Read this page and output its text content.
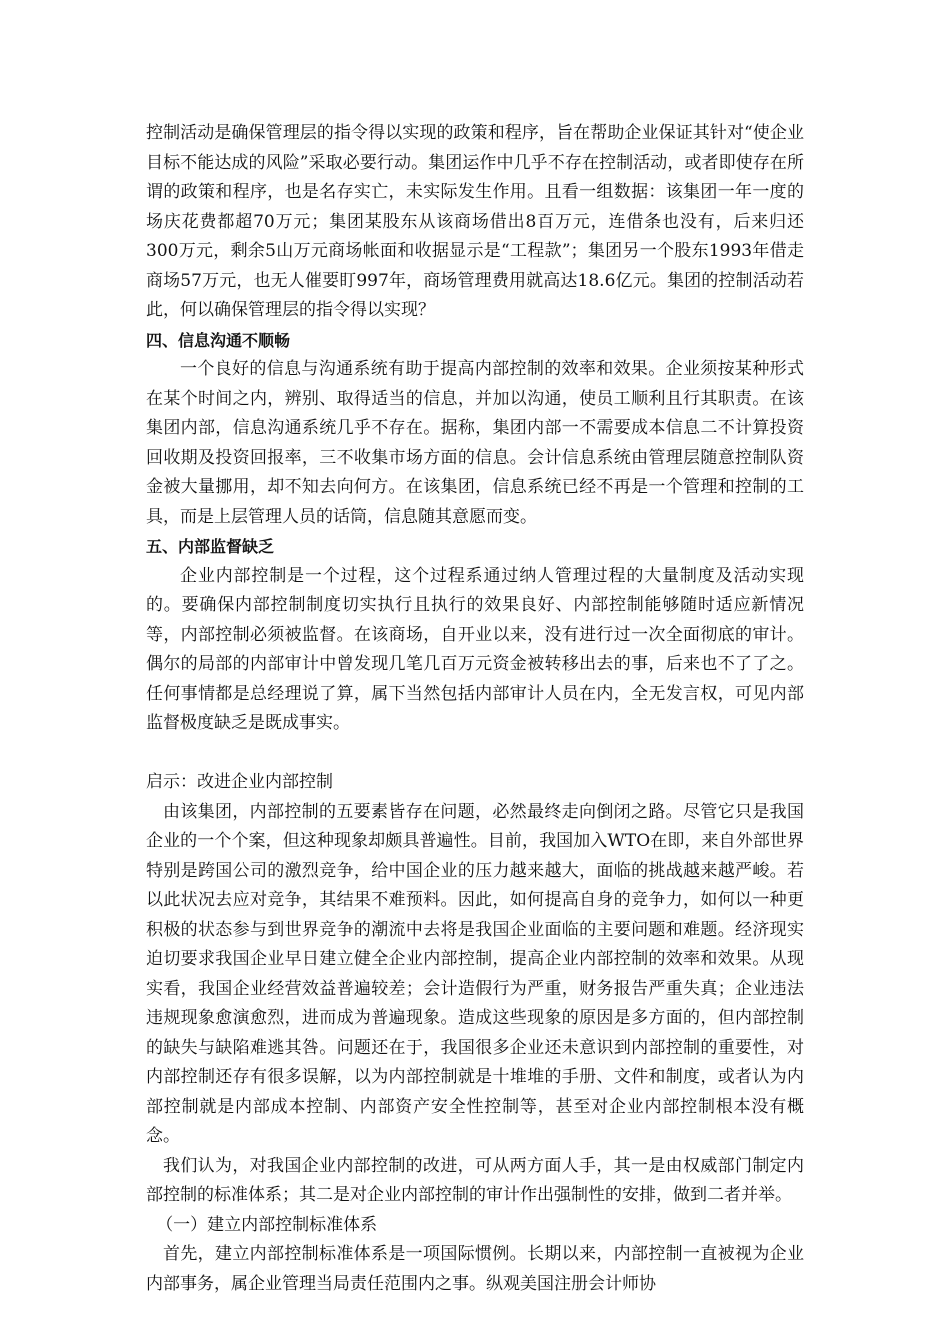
控制活动是确保管理层的指令得以实现的政策和程序，旨在帮助企业保证其针对“使企业目标不能达成的风险”采取必要行动。集团运作中几乎不存在控制活动，或者即使存在所谓的政策和程序，也是名存实亡，未实际发生作用。且看一组数据：该集团一年一度的场庆花费都超70万元；集团某股东从该商场借出8百万元，连借条也没有，后来归还300万元，剩余5山万元商场帐面和收据显示是“工程款”；集团另一个股东1993年借走商场57万元，也无人催要盯997年，商场管理费用就高达18.6亿元。集团的控制活动若此，何以确保管理层的指令得以实现？

四、信息沟通不顺畅

一个良好的信息与沟通系统有助于提高内部控制的效率和效果。企业须按某种形式在某个时间之内，辨别、取得适当的信息，并加以沟通，使员工顺利且行其职责。在该集团内部，信息沟通系统几乎不存在。据称，集团内部一不需要成本信息二不计算投资回收期及投资回报率，三不收集市场方面的信息。会计信息系统由管理层随意控制队资金被大量挪用，却不知去向何方。在该集团，信息系统已经不再是一个管理和控制的工具，而是上层管理人员的话筒，信息随其意愿而变。

五、内部监督缺乏

企业内部控制是一个过程，这个过程系通过纳人管理过程的大量制度及活动实现的。要确保内部控制制度切实执行且执行的效果良好、内部控制能够随时适应新情况等，内部控制必须被监督。在该商场，自开业以来，没有进行过一次全面彻底的审计。偶尔的局部的内部审计中曾发现几笔几百万元资金被转移出去的事，后来也不了了之。任何事情都是总经理说了算，属下当然包括内部审计人员在内，全无发言权，可见内部监督极度缺乏是既成事实。

启示：改进企业内部控制

由该集团，内部控制的五要素皆存在问题，必然最终走向倒闭之路。尽管它只是我国企业的一个个案，但这种现象却颇具普遍性。目前，我国加入WTO在即，来自外部世界特别是跨国公司的激烈竞争，给中国企业的压力越来越大，面临的挑战越来越严峻。若以此状况去应对竞争，其结果不难预料。因此，如何提高自身的竞争力，如何以一种更积极的状态参与到世界竞争的潮流中去将是我国企业面临的主要问题和难题。经济现实迫切要求我国企业早日建立健全企业内部控制，提高企业内部控制的效率和效果。从现实看，我国企业经营效益普遍较差；会计造假行为严重，财务报告严重失真；企业违法违规现象愈演愈烈，进而成为普遍现象。造成这些现象的原因是多方面的，但内部控制的缺失与缺陷难逃其咎。问题还在于，我国很多企业还未意识到内部控制的重要性，对内部控制还存有很多误解，以为内部控制就是十堆堆的手册、文件和制度，或者认为内部控制就是内部成本控制、内部资产安全性控制等，甚至对企业内部控制根本没有概念。

我们认为，对我国企业内部控制的改进，可从两方面人手，其一是由权威部门制定内部控制的标准体系；其二是对企业内部控制的审计作出强制性的安排，做到二者并举。

（一）建立内部控制标准体系

首先，建立内部控制标准体系是一项国际惯例。长期以来，内部控制一直被视为企业内部事务，属企业管理当局责任范围内之事。纵观美国注册会计师协
